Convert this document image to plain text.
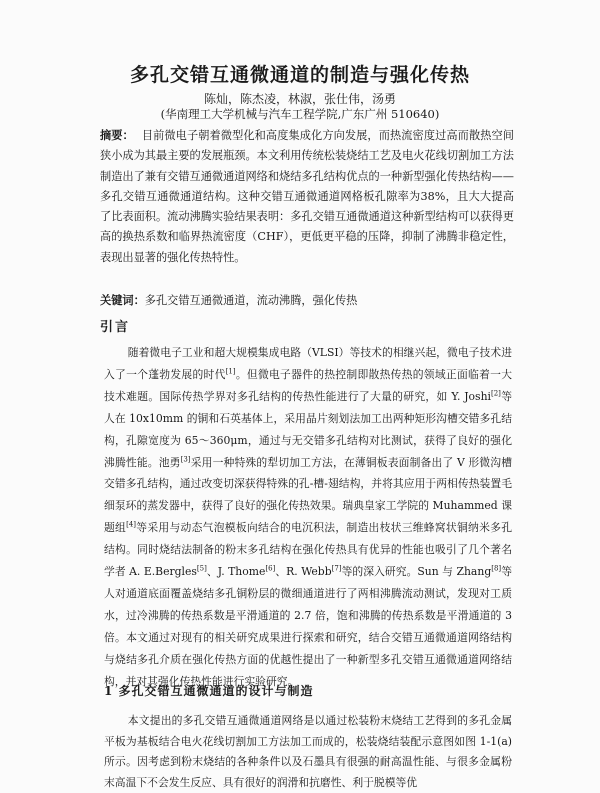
多孔交错互通微通道的制造与强化传热
陈灿，陈杰凌，林淑，张仕伟，汤勇
(华南理工大学机械与汽车工程学院,广东广州 510640)
摘要： 目前微电子朝着微型化和高度集成化方向发展，而热流密度过高而散热空间狭小成为其最主要的发展瓶颈。本文利用传统松装烧结工艺及电火花线切割加工方法制造出了兼有交错互通微通道网络和烧结多孔结构优点的一种新型强化传热结构——多孔交错互通微通道结构。这种交错互通微通道网格板孔隙率为38%，且大大提高了比表面积。流动沸腾实验结果表明：多孔交错互通微通道这种新型结构可以获得更高的换热系数和临界热流密度（CHF），更低更平稳的压降，抑制了沸腾非稳定性，表现出显著的强化传热特性。
关键词：多孔交错互通微通道，流动沸腾，强化传热
引言
随着微电子工业和超大规模集成电路（VLSI）等技术的相继兴起，微电子技术进入了一个蓬勃发展的时代[1]。但微电子器件的热控制即散热传热的领域正面临着一大技术难题。国际传热学界对多孔结构的传热性能进行了大量的研究，如 Y. Joshi[2]等人在 10x10mm 的铜和石英基体上，采用晶片刻划法加工出两种矩形沟槽交错多孔结构，孔隙宽度为 65～360μm，通过与无交错多孔结构对比测试，获得了良好的强化沸腾性能。池勇[3]采用一种特殊的犁切加工方法，在薄铜板表面制备出了 V 形微沟槽交错多孔结构，通过改变切深获得特殊的孔-槽-翅结构，并将其应用于两相传热装置毛细泵环的蒸发器中，获得了良好的强化传热效果。瑞典皇家工学院的 Muhammed 课题组[4]等采用与动态气泡模板向结合的电沉积法，制造出枝状三维蜂窝状铜纳米多孔结构。同时烧结法制备的粉末多孔结构在强化传热具有优异的性能也吸引了几个著名学者 A. E.Bergles[5]、J. Thome[6]、R. Webb[7]等的深入研究。Sun 与 Zhang[8]等人对通道底面覆盖烧结多孔铜粉层的微细通道进行了两相沸腾流动测试，发现对工质水，过冷沸腾的传热系数是平滑通道的 2.7 倍，饱和沸腾的传热系数是平滑通道的 3 倍。本文通过对现有的相关研究成果进行探索和研究，结合交错互通微通道网络结构与烧结多孔介质在强化传热方面的优越性提出了一种新型多孔交错互通微通道网络结构，并对其强化传热性能进行实验研究。
1 多孔交错互通微通道的设计与制造
本文提出的多孔交错互通微通道网络是以通过松装粉末烧结工艺得到的多孔金属平板为基板结合电火花线切割加工方法加工而成的，松装烧结装配示意图如图 1-1(a)所示。因考虑到粉末烧结的各种条件以及石墨具有很强的耐高温性能、与很多金属粉末高温下不会发生反应、具有很好的润滑和抗磨性、利于脱模等优
